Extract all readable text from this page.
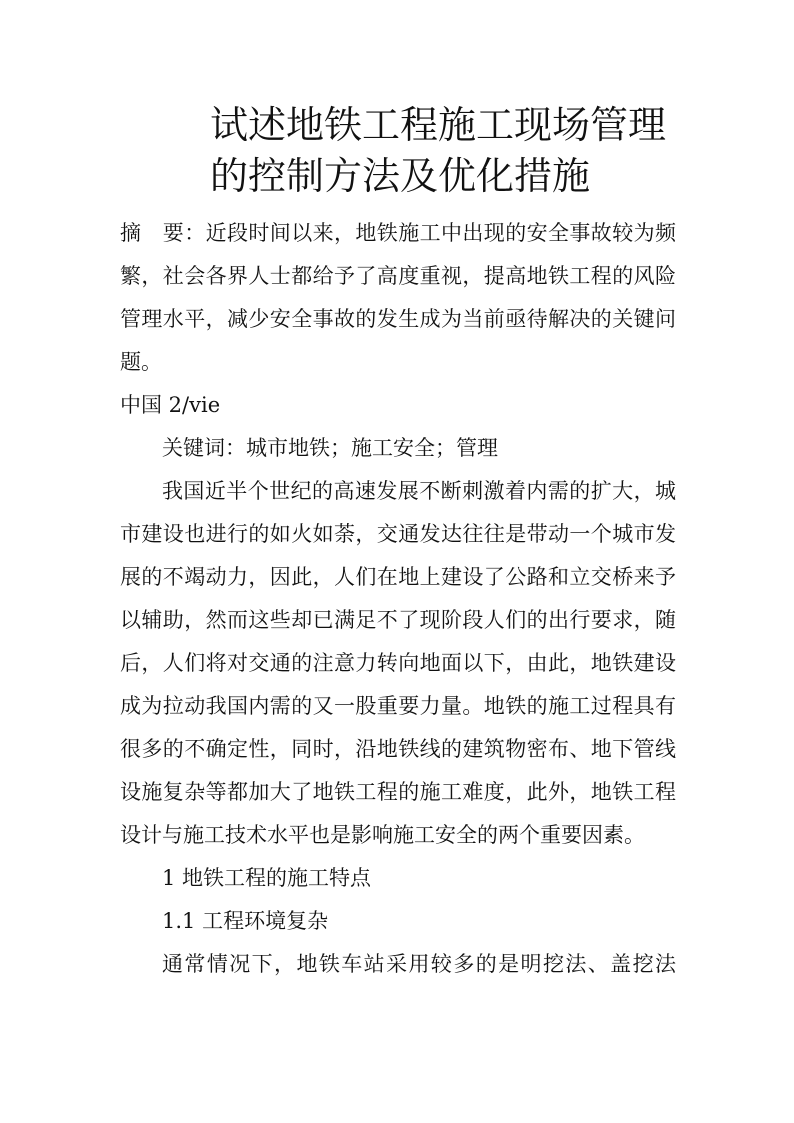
试述地铁工程施工现场管理
的控制方法及优化措施

摘　要：近段时间以来，地铁施工中出现的安全事故较为频繁，社会各界人士都给予了高度重视，提高地铁工程的风险管理水平，减少安全事故的发生成为当前亟待解决的关键问题。

中国 2/vie

关键词：城市地铁；施工安全；管理

我国近半个世纪的高速发展不断刺激着内需的扩大，城市建设也进行的如火如荼，交通发达往往是带动一个城市发展的不竭动力，因此，人们在地上建设了公路和立交桥来予以辅助，然而这些却已满足不了现阶段人们的出行要求，随后，人们将对交通的注意力转向地面以下，由此，地铁建设成为拉动我国内需的又一股重要力量。地铁的施工过程具有很多的不确定性，同时，沿地铁线的建筑物密布、地下管线设施复杂等都加大了地铁工程的施工难度，此外，地铁工程设计与施工技术水平也是影响施工安全的两个重要因素。

1 地铁工程的施工特点

1.1 工程环境复杂

通常情况下，地铁车站采用较多的是明挖法、盖挖法
